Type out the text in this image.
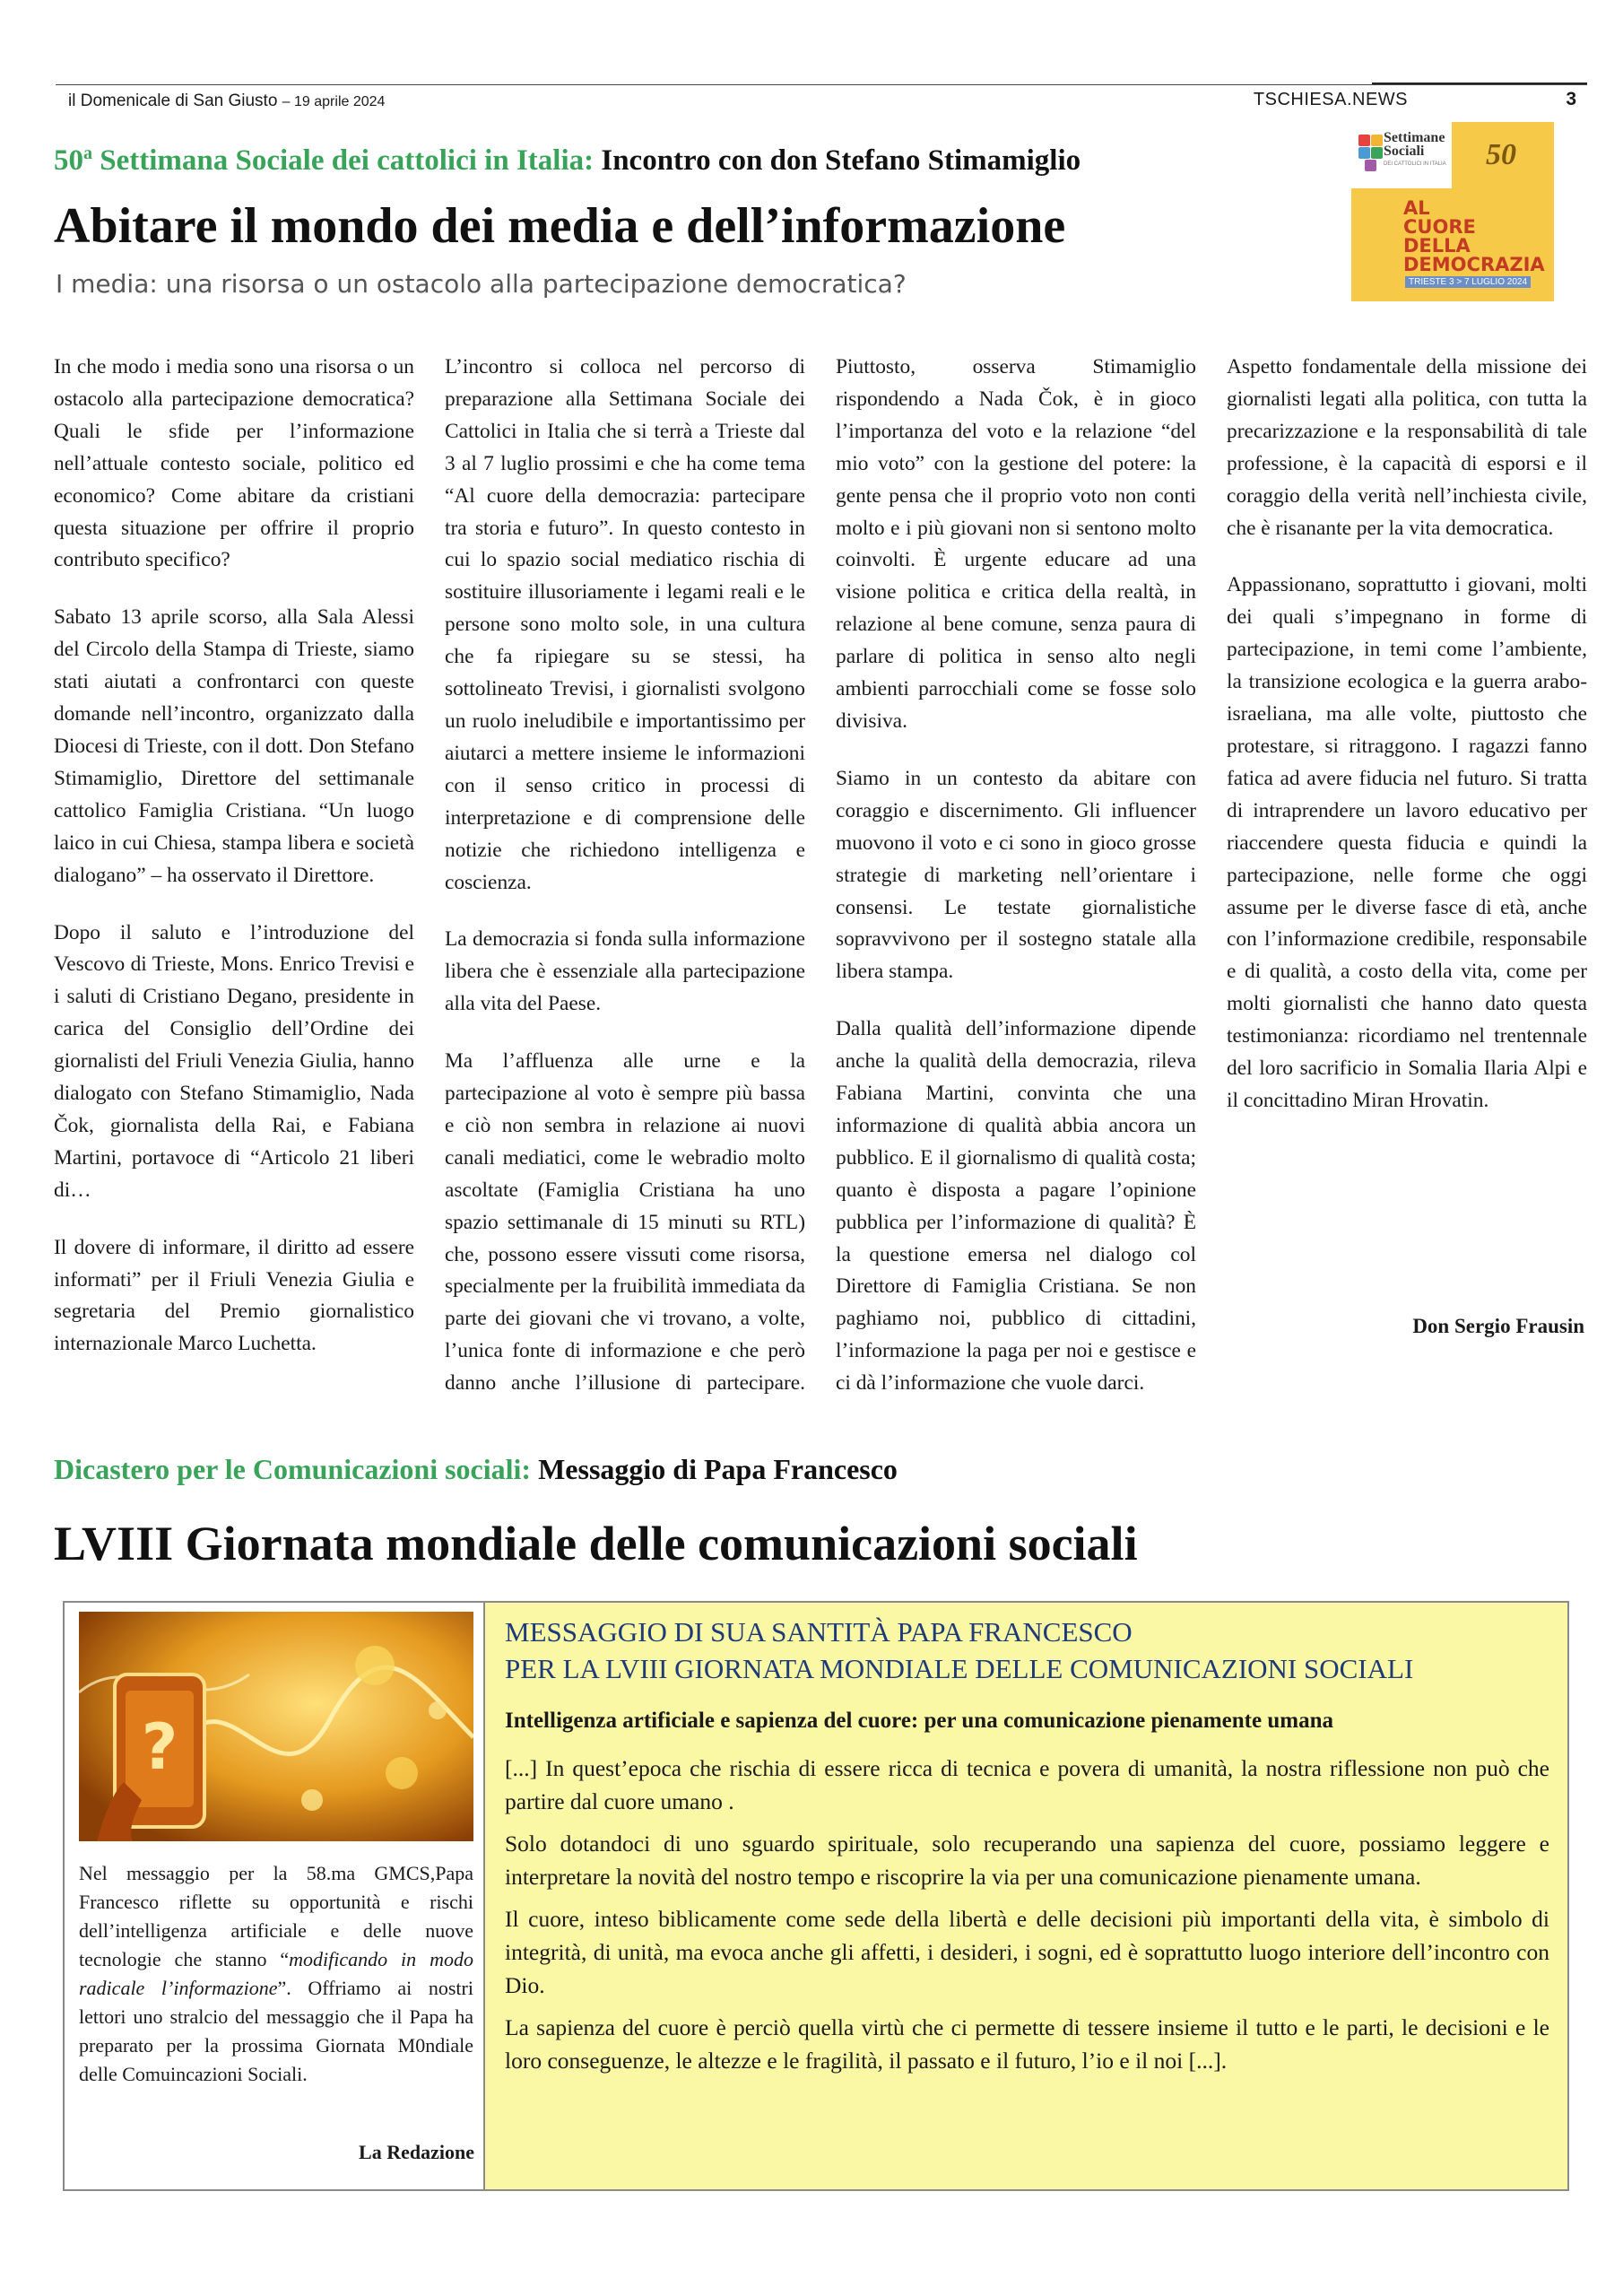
il Domenicale di San Giusto – 19 aprile 2024	TSCHIESA.NEWS	3
50$^a$ Settimana Sociale dei cattolici in Italia: Incontro con don Stefano Stimamiglio
Abitare il mondo dei media e dell’informazione
I media: una risorsa o un ostacolo alla partecipazione democratica?
Settimane
Sociali
DEI CATTOLICI IN ITALIA 50
AL
CUORE
DELLA
DEMOCRAZIA
TRIESTE 3 > 7 LUGLIO 2024

In che modo i media sono una risorsa o un ostacolo alla partecipazione democratica? Quali le sfide per l’informazione nell’attuale contesto sociale, politico ed economico? Come abitare da cristiani questa situazione per offrire il proprio contributo specifico?

Sabato 13 aprile scorso, alla Sala Alessi del Circolo della Stampa di Trieste, siamo stati aiutati a confrontarci con queste domande nell’incontro, organizzato dalla Diocesi di Trieste, con il dott. Don Stefano Stimamiglio, Direttore del settimanale cattolico Famiglia Cristiana. “Un luogo laico in cui Chiesa, stampa libera e società dialogano” – ha osservato il Direttore.

Dopo il saluto e l’introduzione del Vescovo di Trieste, Mons. Enrico Trevisi e i saluti di Cristiano Degano, presidente in carica del Consiglio dell’Ordine dei giornalisti del Friuli Venezia Giulia, hanno dialogato con Stefano Stimamiglio, Nada Čok, giornalista della Rai, e Fabiana Martini, portavoce di “Articolo 21 liberi di…

Il dovere di informare, il diritto ad essere informati” per il Friuli Venezia Giulia e segretaria del Premio giornalistico internazionale Marco Luchetta.

L’incontro si colloca nel percorso di preparazione alla Settimana Sociale dei Cattolici in Italia che si terrà a Trieste dal 3 al 7 luglio prossimi e che ha come tema “Al cuore della democrazia: partecipare tra storia e futuro”. In questo contesto in cui lo spazio social mediatico rischia di sostituire illusoriamente i legami reali e le persone sono molto sole, in una cultura che fa ripiegare su se stessi, ha sottolineato Trevisi, i giornalisti svolgono un ruolo ineludibile e importantissimo per aiutarci a mettere insieme le informazioni con il senso critico in processi di interpretazione e di comprensione delle notizie che richiedono intelligenza e coscienza.

La democrazia si fonda sulla informazione libera che è essenziale alla partecipazione alla vita del Paese.

Ma l’affluenza alle urne e la partecipazione al voto è sempre più bassa e ciò non sembra in relazione ai nuovi canali mediatici, come le webradio molto ascoltate (Famiglia Cristiana ha uno spazio settimanale di 15 minuti su RTL) che, possono essere vissuti come risorsa, specialmente per la fruibilità immediata da parte dei giovani che vi trovano, a volte, l’unica fonte di informazione e che però danno anche l’illusione di partecipare. Piuttosto, osserva Stimamiglio rispondendo a Nada Čok, è in gioco l’importanza del voto e la relazione “del mio voto” con la gestione del potere: la gente pensa che il proprio voto non conti molto e i più giovani non si sentono molto coinvolti. È urgente educare ad una visione politica e critica della realtà, in relazione al bene comune, senza paura di parlare di politica in senso alto negli ambienti parrocchiali come se fosse solo divisiva.

Siamo in un contesto da abitare con coraggio e discernimento. Gli influencer muovono il voto e ci sono in gioco grosse strategie di marketing nell’orientare i consensi. Le testate giornalistiche sopravvivono per il sostegno statale alla libera stampa.

Dalla qualità dell’informazione dipende anche la qualità della democrazia, rileva Fabiana Martini, convinta che una informazione di qualità abbia ancora un pubblico. E il giornalismo di qualità costa; quanto è disposta a pagare l’opinione pubblica per l’informazione di qualità? È la questione emersa nel dialogo col Direttore di Famiglia Cristiana. Se non paghiamo noi, pubblico di cittadini, l’informazione la paga per noi e gestisce e ci dà l’informazione che vuole darci.

Aspetto fondamentale della missione dei giornalisti legati alla politica, con tutta la precarizzazione e la responsabilità di tale professione, è la capacità di esporsi e il coraggio della verità nell’inchiesta civile, che è risanante per la vita democratica.

Appassionano, soprattutto i giovani, molti dei quali s’impegnano in forme di partecipazione, in temi come l’ambiente, la transizione ecologica e la guerra arabo-israeliana, ma alle volte, piuttosto che protestare, si ritraggono. I ragazzi fanno fatica ad avere fiducia nel futuro. Si tratta di intraprendere un lavoro educativo per riaccendere questa fiducia e quindi la partecipazione, nelle forme che oggi assume per le diverse fasce di età, anche con l’informazione credibile, responsabile e di qualità, a costo della vita, come per molti giornalisti che hanno dato questa testimonianza: ricordiamo nel trentennale del loro sacrificio in Somalia Ilaria Alpi e il concittadino Miran Hrovatin.

Don Sergio Frausin
Dicastero per le Comunicazioni sociali: Messaggio di Papa Francesco
LVIII Giornata mondiale delle comunicazioni sociali
?

Nel messaggio per la 58.ma GMCS,Papa Francesco riflette su opportunità e rischi dell’intelligenza artificiale e delle nuove tecnologie che stanno “modificando in modo radicale l’informazione”. Offriamo ai nostri lettori uno stralcio del messaggio che il Papa ha preparato per la prossima Giornata M0ndiale delle Comuincazioni Sociali.

La Redazione
MESSAGGIO DI SUA SANTITÀ PAPA FRANCESCO
PER LA LVIII GIORNATA MONDIALE DELLE COMUNICAZIONI SOCIALI
Intelligenza artificiale e sapienza del cuore: per una comunicazione pienamente umana

[...] In quest’epoca che rischia di essere ricca di tecnica e povera di umanità, la nostra riflessione non può che partire dal cuore umano .

Solo dotandoci di uno sguardo spirituale, solo recuperando una sapienza del cuore, possiamo leggere e interpretare la novità del nostro tempo e riscoprire la via per una comunicazione pienamente umana.

Il cuore, inteso biblicamente come sede della libertà e delle decisioni più importanti della vita, è simbolo di integrità, di unità, ma evoca anche gli affetti, i desideri, i sogni, ed è soprattutto luogo interiore dell’incontro con Dio.

La sapienza del cuore è perciò quella virtù che ci permette di tessere insieme il tutto e le parti, le decisioni e le loro conseguenze, le altezze e le fragilità, il passato e il futuro, l’io e il noi [...].
